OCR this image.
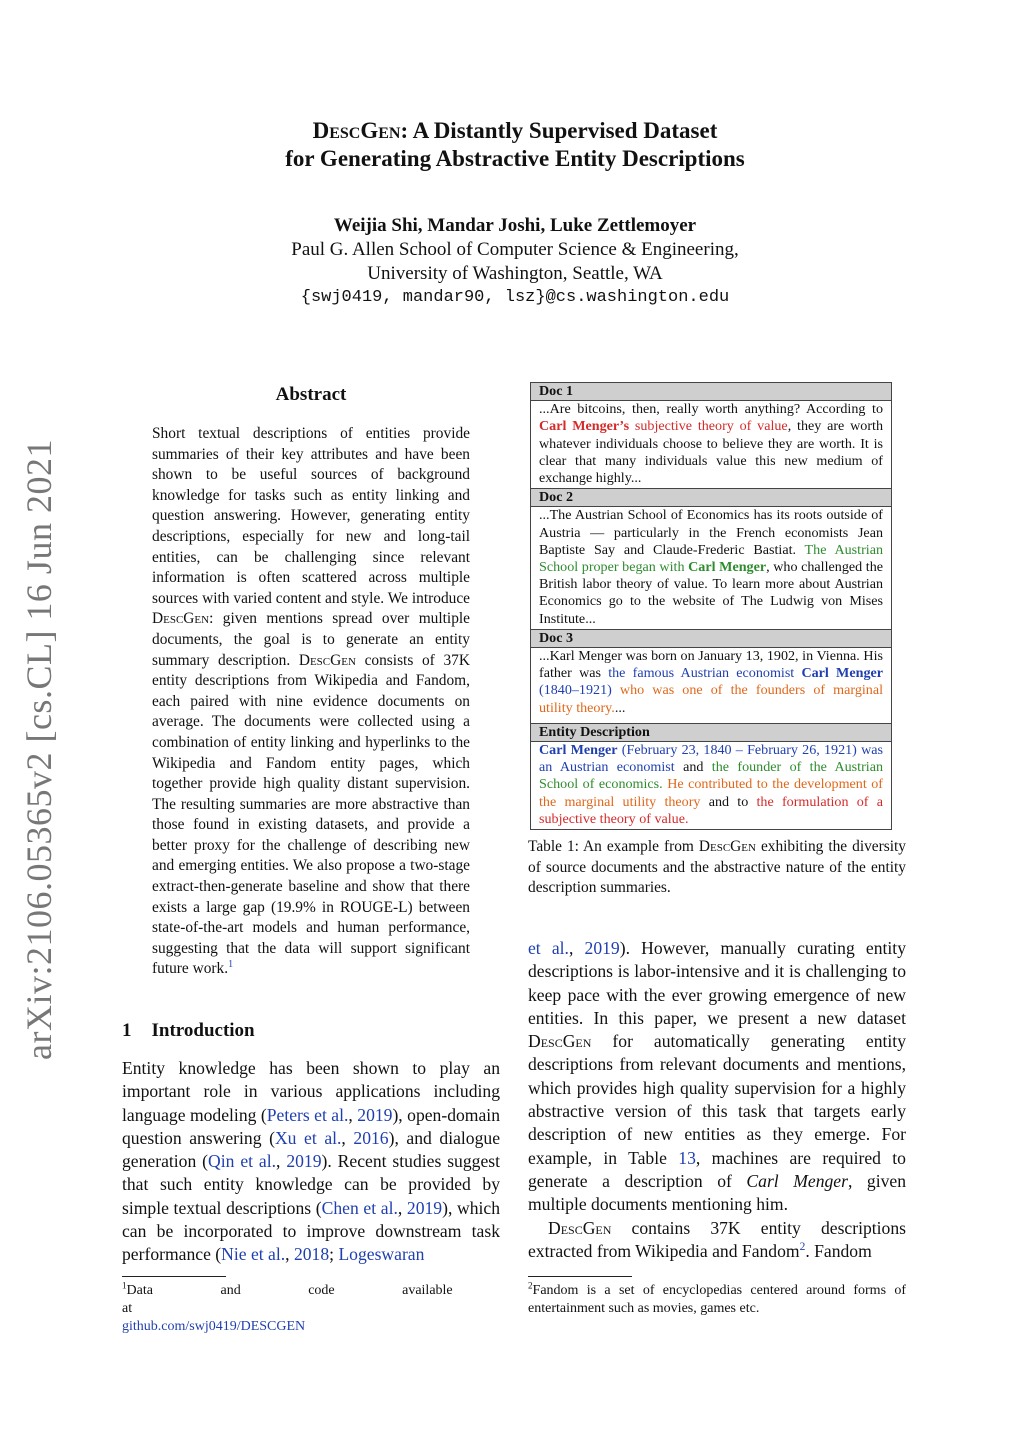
arXiv:2106.05365v2 [cs.CL] 16 Jun 2021
DescGen: A Distantly Supervised Dataset
for Generating Abstractive Entity Descriptions
Weijia Shi, Mandar Joshi, Luke Zettlemoyer
Paul G. Allen School of Computer Science & Engineering,
University of Washington, Seattle, WA
{swj0419, mandar90, lsz}@cs.washington.edu
Abstract
Short textual descriptions of entities provide summaries of their key attributes and have been shown to be useful sources of background knowledge for tasks such as entity linking and question answering. However, generating entity descriptions, especially for new and long-tail entities, can be challenging since relevant information is often scattered across multiple sources with varied content and style. We introduce DescGen: given mentions spread over multiple documents, the goal is to generate an entity summary description. DescGen consists of 37K entity descriptions from Wikipedia and Fandom, each paired with nine evidence documents on average. The documents were collected using a combination of entity linking and hyperlinks to the Wikipedia and Fandom entity pages, which together provide high quality distant supervision. The resulting summaries are more abstractive than those found in existing datasets, and provide a better proxy for the challenge of describing new and emerging entities. We also propose a two-stage extract-then-generate baseline and show that there exists a large gap (19.9% in ROUGE-L) between state-of-the-art models and human performance, suggesting that the data will support significant future work.$^1$
1 Introduction
Entity knowledge has been shown to play an important role in various applications including language modeling (Peters et al., 2019), open-domain question answering (Xu et al., 2016), and dialogue generation (Qin et al., 2019). Recent studies suggest that such entity knowledge can be provided by simple textual descriptions (Chen et al., 2019), which can be incorporated to improve downstream task performance (Nie et al., 2018; Logeswaran
$^1$Data and code available at
github.com/swj0419/DESCGEN
Doc 1
...Are bitcoins, then, really worth anything? According to Carl Menger’s subjective theory of value, they are worth whatever individuals choose to believe they are worth. It is clear that many individuals value this new medium of exchange highly...
Doc 2
...The Austrian School of Economics has its roots outside of Austria — particularly in the French economists Jean Baptiste Say and Claude-Frederic Bastiat. The Austrian School proper began with Carl Menger, who challenged the British labor theory of value. To learn more about Austrian Economics go to the website of The Ludwig von Mises Institute...
Doc 3
...Karl Menger was born on January 13, 1902, in Vienna. His father was the famous Austrian economist Carl Menger (1840–1921) who was one of the founders of marginal utility theory....
Entity Description
Carl Menger (February 23, 1840 – February 26, 1921) was an Austrian economist and the founder of the Austrian School of economics. He contributed to the development of the marginal utility theory and to the formulation of a subjective theory of value.
Table 1: An example from DescGen exhibiting the diversity of source documents and the abstractive nature of the entity description summaries.
et al., 2019). However, manually curating entity descriptions is labor-intensive and it is challenging to keep pace with the ever growing emergence of new entities. In this paper, we present a new dataset DescGen for automatically generating entity descriptions from relevant documents and mentions, which provides high quality supervision for a highly abstractive version of this task that targets early description of new entities as they emerge. For example, in Table 13, machines are required to generate a description of Carl Menger, given multiple documents mentioning him.
DescGen contains 37K entity descriptions extracted from Wikipedia and Fandom$^2$. Fandom
$^2$Fandom is a set of encyclopedias centered around forms of entertainment such as movies, games etc.
